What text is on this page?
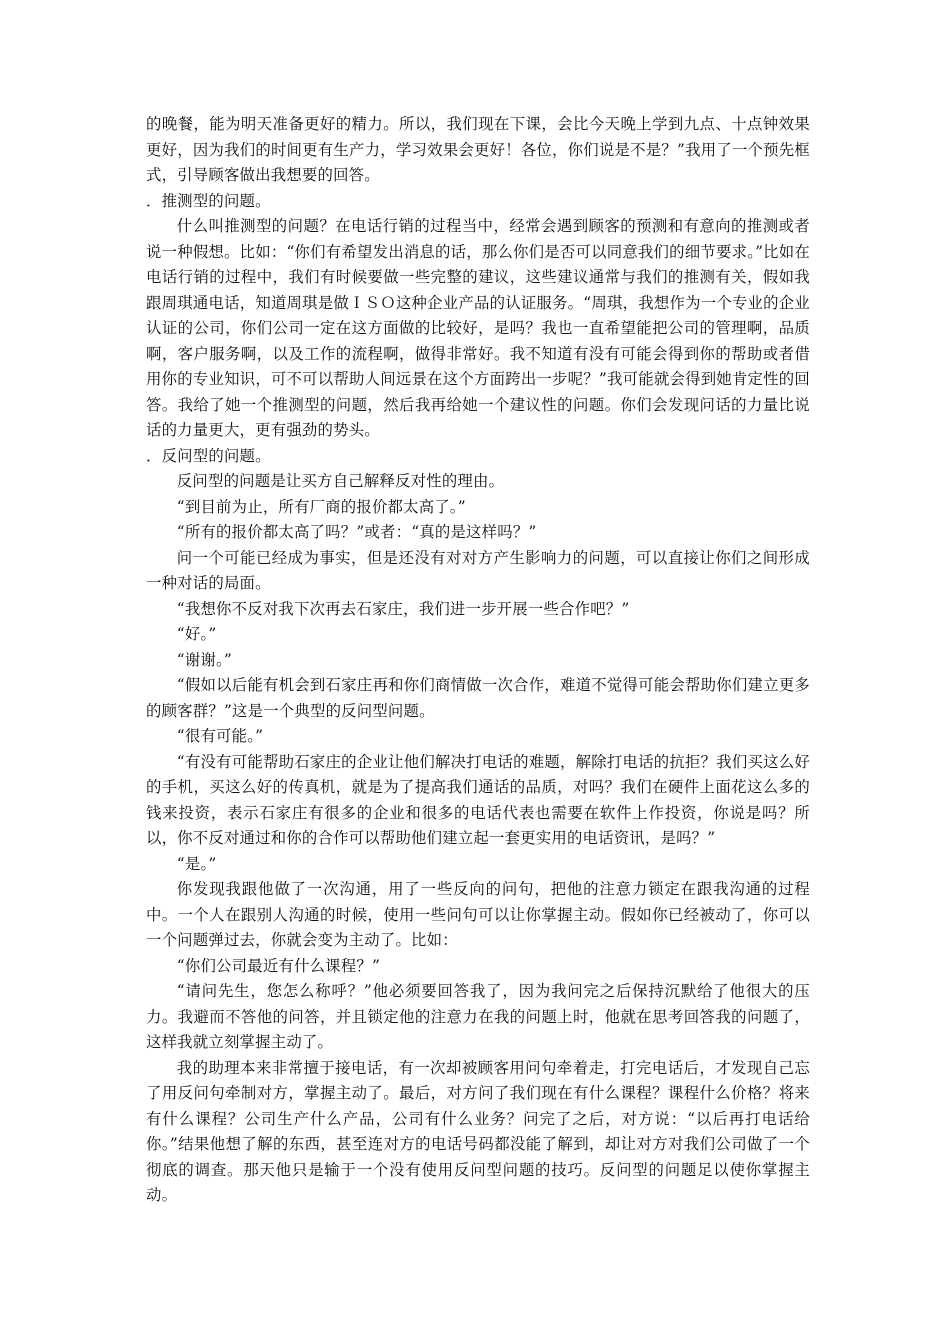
的晚餐，能为明天准备更好的精力。所以，我们现在下课，会比今天晚上学到九点、十点钟效果更好，因为我们的时间更有生产力，学习效果会更好！各位，你们说是不是？”我用了一个预先框式，引导顾客做出我想要的回答。

．推测型的问题。

什么叫推测型的问题？在电话行销的过程当中，经常会遇到顾客的预测和有意向的推测或者说一种假想。比如：“你们有希望发出消息的话，那么你们是否可以同意我们的细节要求。”比如在电话行销的过程中，我们有时候要做一些完整的建议，这些建议通常与我们的推测有关，假如我跟周琪通电话，知道周琪是做ＩＳＯ这种企业产品的认证服务。“周琪，我想作为一个专业的企业认证的公司，你们公司一定在这方面做的比较好，是吗？我也一直希望能把公司的管理啊，品质啊，客户服务啊，以及工作的流程啊，做得非常好。我不知道有没有可能会得到你的帮助或者借用你的专业知识，可不可以帮助人间远景在这个方面跨出一步呢？”我可能就会得到她肯定性的回答。我给了她一个推测型的问题，然后我再给她一个建议性的问题。你们会发现问话的力量比说话的力量更大，更有强劲的势头。

．反问型的问题。

反问型的问题是让买方自己解释反对性的理由。

“到目前为止，所有厂商的报价都太高了。”

“所有的报价都太高了吗？”或者：“真的是这样吗？”

问一个可能已经成为事实，但是还没有对对方产生影响力的问题，可以直接让你们之间形成一种对话的局面。

“我想你不反对我下次再去石家庄，我们进一步开展一些合作吧？”

“好。”

“谢谢。”

“假如以后能有机会到石家庄再和你们商情做一次合作，难道不觉得可能会帮助你们建立更多的顾客群？”这是一个典型的反问型问题。

“很有可能。”

“有没有可能帮助石家庄的企业让他们解决打电话的难题，解除打电话的抗拒？我们买这么好的手机，买这么好的传真机，就是为了提高我们通话的品质，对吗？我们在硬件上面花这么多的钱来投资，表示石家庄有很多的企业和很多的电话代表也需要在软件上作投资，你说是吗？所以，你不反对通过和你的合作可以帮助他们建立起一套更实用的电话资讯，是吗？”

“是。”

你发现我跟他做了一次沟通，用了一些反向的问句，把他的注意力锁定在跟我沟通的过程中。一个人在跟别人沟通的时候，使用一些问句可以让你掌握主动。假如你已经被动了，你可以一个问题弹过去，你就会变为主动了。比如：

“你们公司最近有什么课程？”

“请问先生，您怎么称呼？”他必须要回答我了，因为我问完之后保持沉默给了他很大的压力。我避而不答他的问答，并且锁定他的注意力在我的问题上时，他就在思考回答我的问题了，这样我就立刻掌握主动了。

我的助理本来非常擅于接电话，有一次却被顾客用问句牵着走，打完电话后，才发现自己忘了用反问句牵制对方，掌握主动了。最后，对方问了我们现在有什么课程？课程什么价格？将来有什么课程？公司生产什么产品，公司有什么业务？问完了之后，对方说：“以后再打电话给你。”结果他想了解的东西，甚至连对方的电话号码都没能了解到，却让对方对我们公司做了一个彻底的调查。那天他只是输于一个没有使用反问型问题的技巧。反问型的问题足以使你掌握主动。
